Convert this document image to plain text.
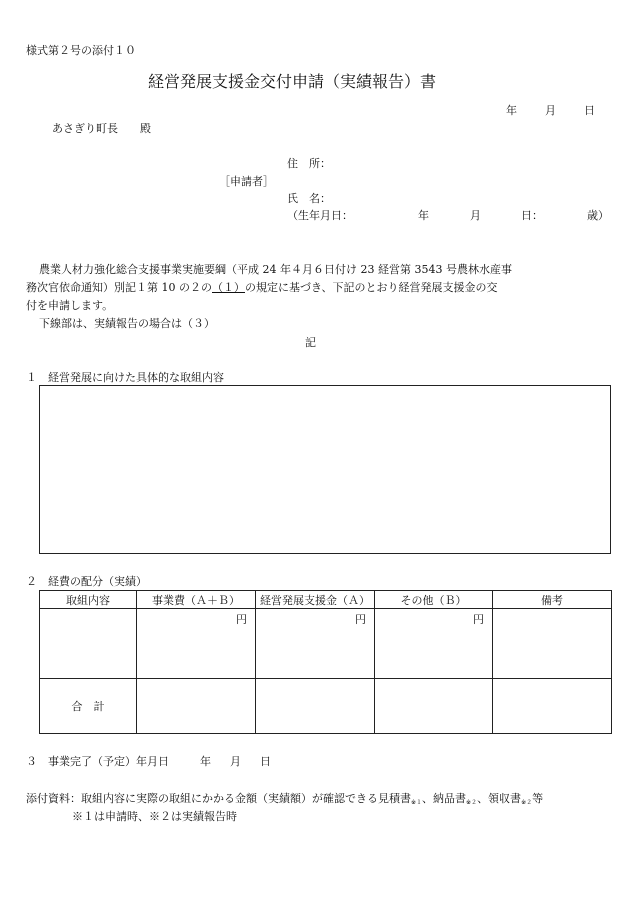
様式第２号の添付１０
経営発展支援金交付申請（実績報告）書
年	月	日
あさぎり町長　　殿
住　所：
［申請者］
氏　名：
（生年月日：	年	月	日：	歳）
農業人材力強化総合支援事業実施要綱（平成 24 年４月６日付け 23 経営第 3543 号農林水産事
務次官依命通知）別記１第 10 の２の（１）の規定に基づき、下記のとおり経営発展支援金の交
付を申請します。
下線部は、実績報告の場合は（３）
記
１　経営発展に向けた具体的な取組内容
２　経費の配分（実績）
取組内容	事業費（Ａ＋Ｂ）	経営発展支援金（Ａ）	その他（Ｂ）	備考
	円	円	円	
合　計				
３　事業完了（予定）年月日	年 月 日
添付資料：取組内容に実際の取組にかかる金額（実績額）が確認できる見積書※１、納品書※２、領収書※２等
※１は申請時、※２は実績報告時
